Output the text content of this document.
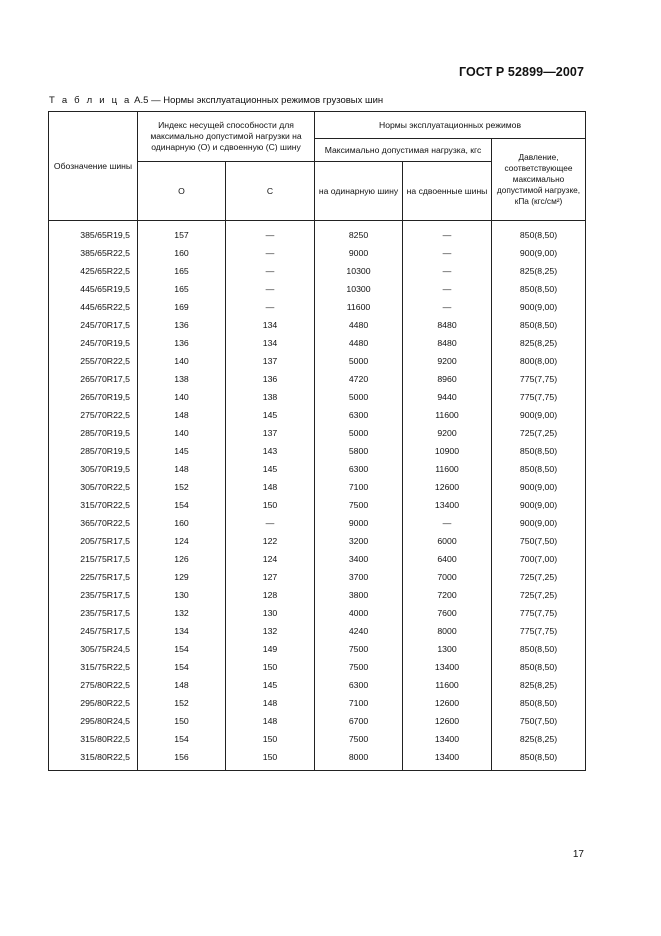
ГОСТ Р 52899—2007
Т а б л и ц а А.5 — Нормы эксплуатационных режимов грузовых шин
Обозначение шины	Индекс несущей способности для максимально допустимой нагрузки на одинарную (О) и сдвоенную (С) шину		Нормы эксплуатационных режимов		
			Максимально допустимая нагрузка, кгс		Давление, соответствующее максимально допустимой нагрузке, кПа (кгс/см²)
	О	С	на одинарную шину	на сдвоенные шины	
385/65R19,5	157	—	8250	—	850(8,50)
385/65R22,5	160	—	9000	—	900(9,00)
425/65R22,5	165	—	10300	—	825(8,25)
445/65R19,5	165	—	10300	—	850(8,50)
445/65R22,5	169	—	11600	—	900(9,00)
245/70R17,5	136	134	4480	8480	850(8,50)
245/70R19,5	136	134	4480	8480	825(8,25)
255/70R22,5	140	137	5000	9200	800(8,00)
265/70R17,5	138	136	4720	8960	775(7,75)
265/70R19,5	140	138	5000	9440	775(7,75)
275/70R22,5	148	145	6300	11600	900(9,00)
285/70R19,5	140	137	5000	9200	725(7,25)
285/70R19,5	145	143	5800	10900	850(8,50)
305/70R19,5	148	145	6300	11600	850(8,50)
305/70R22,5	152	148	7100	12600	900(9,00)
315/70R22,5	154	150	7500	13400	900(9,00)
365/70R22,5	160	—	9000	—	900(9,00)
205/75R17,5	124	122	3200	6000	750(7,50)
215/75R17,5	126	124	3400	6400	700(7,00)
225/75R17,5	129	127	3700	7000	725(7,25)
235/75R17,5	130	128	3800	7200	725(7,25)
235/75R17,5	132	130	4000	7600	775(7,75)
245/75R17,5	134	132	4240	8000	775(7,75)
305/75R24,5	154	149	7500	1300	850(8,50)
315/75R22,5	154	150	7500	13400	850(8,50)
275/80R22,5	148	145	6300	11600	825(8,25)
295/80R22,5	152	148	7100	12600	850(8,50)
295/80R24,5	150	148	6700	12600	750(7,50)
315/80R22,5	154	150	7500	13400	825(8,25)
315/80R22,5	156	150	8000	13400	850(8,50)
17
